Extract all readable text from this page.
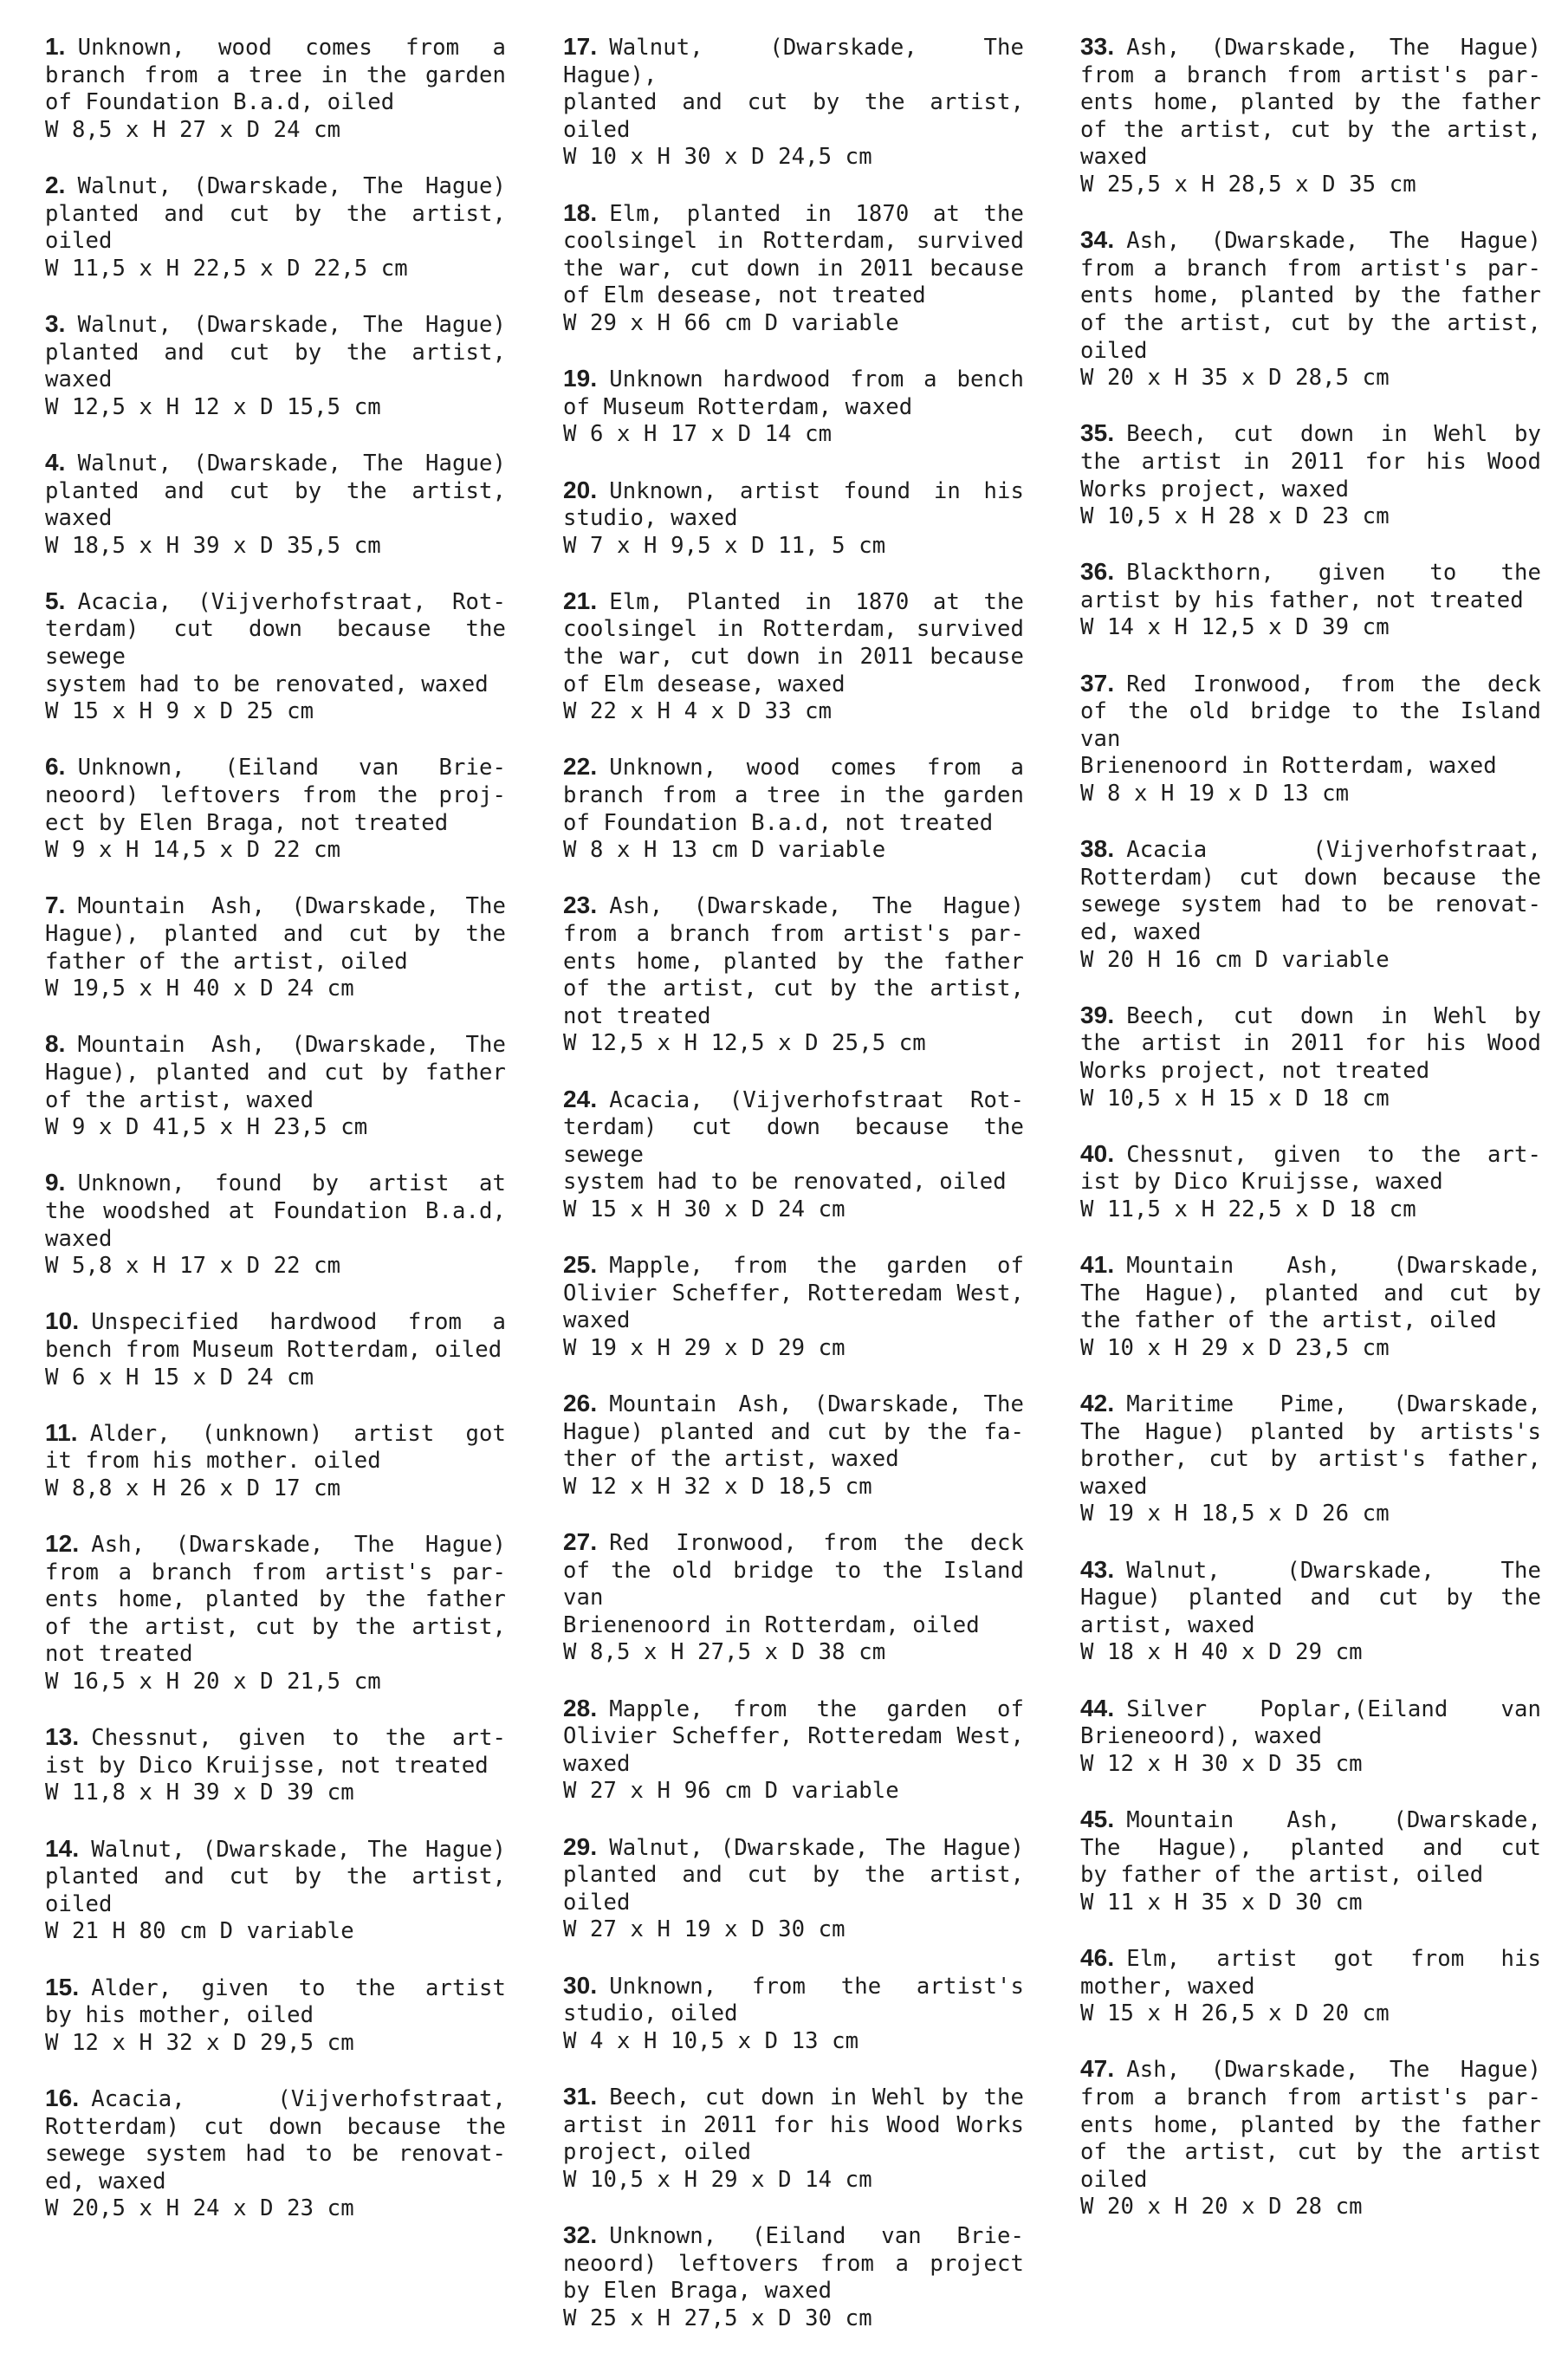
1. Unknown, wood comes from a
branch from a tree in the garden
of Foundation B.a.d, oiled
W 8,5 x H 27 x D 24 cm
2. Walnut, (Dwarskade, The Hague)
planted and cut by the artist,
oiled
W 11,5 x H 22,5 x D 22,5 cm
3. Walnut, (Dwarskade, The Hague)
planted and cut by the artist,
waxed
W 12,5 x H 12 x D 15,5 cm
4. Walnut, (Dwarskade, The Hague)
planted and cut by the artist,
waxed
W 18,5 x H 39 x D 35,5 cm
5. Acacia, (Vijverhofstraat, Rot-
terdam) cut down because the sewege
system had to be renovated, waxed
W 15 x H 9 x D 25 cm
6. Unknown, (Eiland van Brie-
neoord) leftovers from the proj-
ect by Elen Braga, not treated
W 9 x H 14,5 x D 22 cm
7. Mountain Ash, (Dwarskade, The
Hague), planted and cut by the
father of the artist, oiled
W 19,5 x H 40 x D 24 cm
8. Mountain Ash, (Dwarskade, The
Hague), planted and cut by father
of the artist, waxed
W 9 x D 41,5 x H 23,5 cm
9. Unknown, found by artist at
the woodshed at Foundation B.a.d,
waxed
W 5,8 x H 17 x D 22 cm
10. Unspecified hardwood from a
bench from Museum Rotterdam, oiled
W 6 x H 15 x D 24 cm
11. Alder, (unknown) artist got
it from his mother. oiled
W 8,8 x H 26 x D 17 cm
12. Ash, (Dwarskade, The Hague)
from a branch from artist's par-
ents home, planted by the father
of the artist, cut by the artist,
not treated
W 16,5 x H 20 x D 21,5 cm
13. Chessnut, given to the art-
ist by Dico Kruijsse, not treated
W 11,8 x H 39 x D 39 cm
14. Walnut, (Dwarskade, The Hague)
planted and cut by the artist, oiled
W 21 H 80 cm D variable
15. Alder, given to the artist
by his mother, oiled
W 12 x H 32 x D 29,5 cm
16. Acacia, (Vijverhofstraat,
Rotterdam) cut down because the
sewege system had to be renovat-
ed, waxed
W 20,5 x H 24 x D 23 cm
17. Walnut, (Dwarskade, The Hague),
planted and cut by the artist, oiled
W 10 x H 30 x D 24,5 cm
18. Elm, planted in 1870 at the
coolsingel in Rotterdam, survived
the war, cut down in 2011 because
of Elm desease, not treated
W 29 x H 66 cm D variable
19. Unknown hardwood from a bench
of Museum Rotterdam, waxed
W 6 x H 17 x D 14 cm
20. Unknown, artist found in his
studio, waxed
W 7 x H 9,5 x D 11, 5 cm
21. Elm, Planted in 1870 at the
coolsingel in Rotterdam, survived
the war, cut down in 2011 because
of Elm desease, waxed
W 22 x H 4 x D 33 cm
22. Unknown, wood comes from a
branch from a tree in the garden
of Foundation B.a.d, not treated
W 8 x H 13 cm D variable
23. Ash, (Dwarskade, The Hague)
from a branch from artist's par-
ents home, planted by the father
of the artist, cut by the artist,
not treated
W 12,5 x H 12,5 x D 25,5 cm
24. Acacia, (Vijverhofstraat Rot-
terdam) cut down because the sewege
system had to be renovated, oiled
W 15 x H 30 x D 24 cm
25. Mapple, from the garden of
Olivier Scheffer, Rotteredam West,
waxed
W 19 x H 29 x D 29 cm
26. Mountain Ash, (Dwarskade, The
Hague) planted and cut by the fa-
ther of the artist, waxed
W 12 x H 32 x D 18,5 cm
27. Red Ironwood, from the deck
of the old bridge to the Island van
Brienenoord in Rotterdam, oiled
W 8,5 x H 27,5 x D 38 cm
28. Mapple, from the garden of
Olivier Scheffer, Rotteredam West,
waxed
W 27 x H 96 cm D variable
29. Walnut, (Dwarskade, The Hague)
planted and cut by the artist, oiled
W 27 x H 19 x D 30 cm
30. Unknown, from the artist's
studio, oiled
W 4 x H 10,5 x D 13 cm
31. Beech, cut down in Wehl by the
artist in 2011 for his Wood Works
project, oiled
W 10,5 x H 29 x D 14 cm
32. Unknown, (Eiland van Brie-
neoord) leftovers from a project
by Elen Braga, waxed
W 25 x H 27,5 x D 30 cm
33. Ash, (Dwarskade, The Hague)
from a branch from artist's par-
ents home, planted by the father
of the artist, cut by the artist,
waxed
W 25,5 x H 28,5 x D 35 cm
34. Ash, (Dwarskade, The Hague)
from a branch from artist's par-
ents home, planted by the father
of the artist, cut by the artist,
oiled
W 20 x H 35 x D 28,5 cm
35. Beech, cut down in Wehl by
the artist in 2011 for his Wood
Works project, waxed
W 10,5 x H 28 x D 23 cm
36. Blackthorn, given to the
artist by his father, not treated
W 14 x H 12,5 x D 39 cm
37. Red Ironwood, from the deck
of the old bridge to the Island van
Brienenoord in Rotterdam, waxed
W 8 x H 19 x D 13 cm
38. Acacia (Vijverhofstraat,
Rotterdam) cut down because the
sewege system had to be renovat-
ed, waxed
W 20 H 16 cm D variable
39. Beech, cut down in Wehl by
the artist in 2011 for his Wood
Works project, not treated
W 10,5 x H 15 x D 18 cm
40. Chessnut, given to the art-
ist by Dico Kruijsse, waxed
W 11,5 x H 22,5 x D 18 cm
41. Mountain Ash, (Dwarskade,
The Hague), planted and cut by
the father of the artist, oiled
W 10 x H 29 x D 23,5 cm
42. Maritime Pime, (Dwarskade,
The Hague) planted by artists's
brother, cut by artist's father,
waxed
W 19 x H 18,5 x D 26 cm
43. Walnut, (Dwarskade, The
Hague) planted and cut by the
artist, waxed
W 18 x H 40 x D 29 cm
44. Silver Poplar,(Eiland van
Brieneoord), waxed
W 12 x H 30 x D 35 cm
45. Mountain Ash, (Dwarskade,
The Hague), planted and cut
by father of the artist, oiled
W 11 x H 35 x D 30 cm
46. Elm, artist got from his
mother, waxed
W 15 x H 26,5 x D 20 cm
47. Ash, (Dwarskade, The Hague)
from a branch from artist's par-
ents home, planted by the father
of the artist, cut by the artist
oiled
W 20 x H 20 x D 28 cm
